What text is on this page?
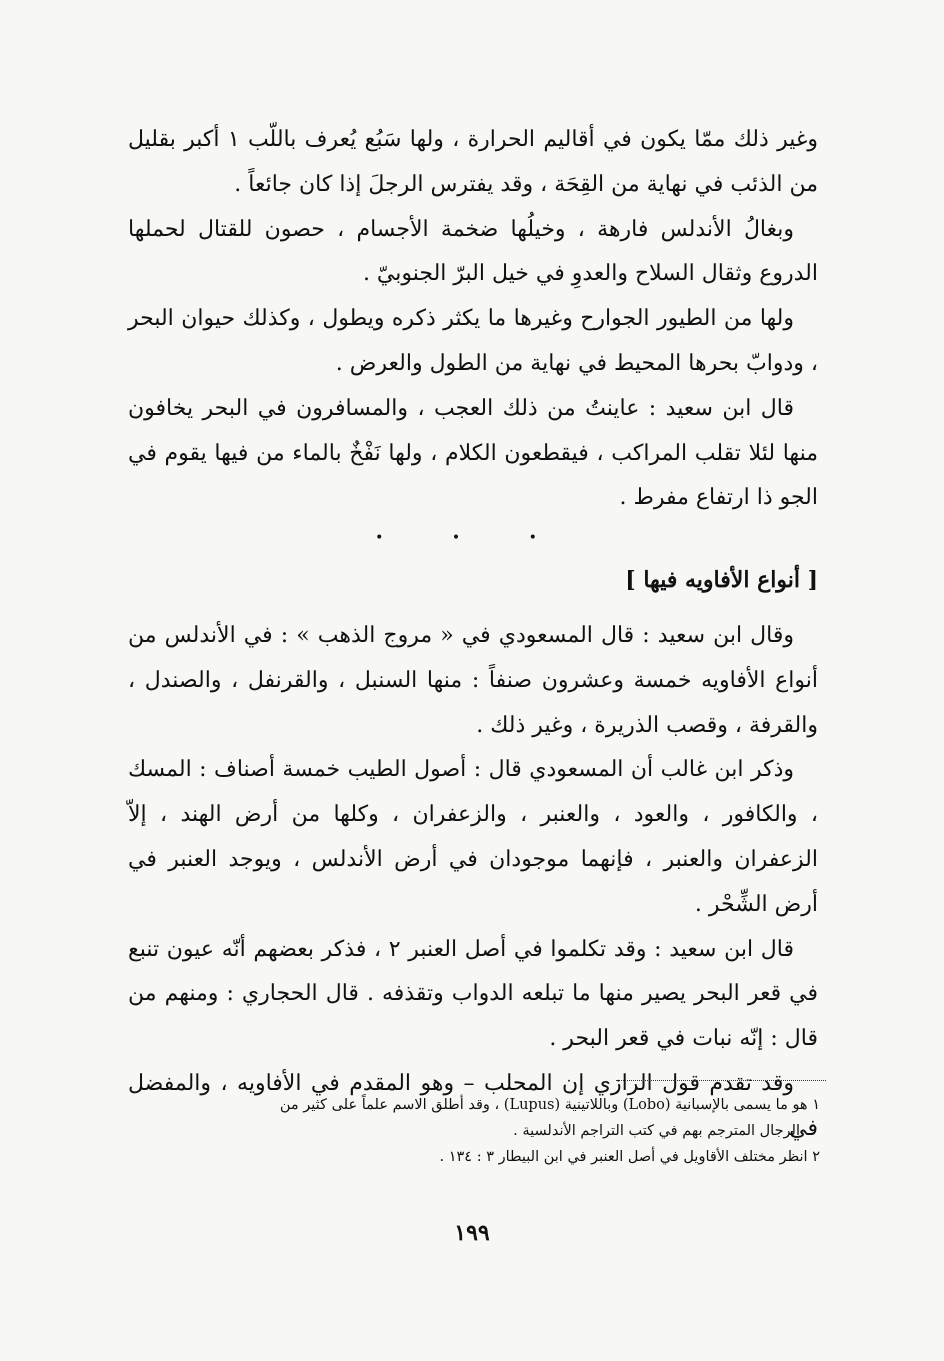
وغير ذلك ممّا يكون في أقاليم الحرارة ، ولها سَبُع يُعرف باللّب ١ أكبر بقليل من الذئب في نهاية من القِحَة ، وقد يفترس الرجلَ إذا كان جائعاً .

وبغالُ الأندلس فارهة ، وخيلُها ضخمة الأجسام ، حصون للقتال لحملها الدروع وثقال السلاح والعدوِ في خيل البرّ الجنوبيّ .

ولها من الطيور الجوارح وغيرها ما يكثر ذكره ويطول ، وكذلك حيوان البحر ، ودوابّ بحرها المحيط في نهاية من الطول والعرض .

قال ابن سعيد : عاينتُ من ذلك العجب ، والمسافرون في البحر يخافون منها لئلا تقلب المراكب ، فيقطعون الكلام ، ولها نَفْخٌ بالماء من فيها يقوم في الجو ذا ارتفاع مفرط .

• • •
[ أنواع الأفاويه فيها ]

وقال ابن سعيد : قال المسعودي في « مروج الذهب » : في الأندلس من أنواع الأفاويه خمسة وعشرون صنفاً : منها السنبل ، والقرنفل ، والصندل ، والقرفة ، وقصب الذريرة ، وغير ذلك .

وذكر ابن غالب أن المسعودي قال : أصول الطيب خمسة أصناف : المسك ، والكافور ، والعود ، والعنبر ، والزعفران ، وكلها من أرض الهند ، إلاّ الزعفران والعنبر ، فإنهما موجودان في أرض الأندلس ، ويوجد العنبر في أرض الشِّحْر .

قال ابن سعيد : وقد تكلموا في أصل العنبر ٢ ، فذكر بعضهم أنّه عيون تنبع في قعر البحر يصير منها ما تبلعه الدواب وتقذفه . قال الحجاري : ومنهم من قال : إنّه نبات في قعر البحر .

وقد تقدم قول الرازي إن المحلب – وهو المقدم في الأفاويه ، والمفضل في

١ هو ما يسمى بالإسبانية (Lobo) وباللاتينية (Lupus) ، وقد أطلق الاسم علماً على كثير من

الرجال المترجم بهم في كتب التراجم الأندلسية .

٢ انظر مختلف الأقاويل في أصل العنبر في ابن البيطار ٣ : ١٣٤ .

١٩٩
